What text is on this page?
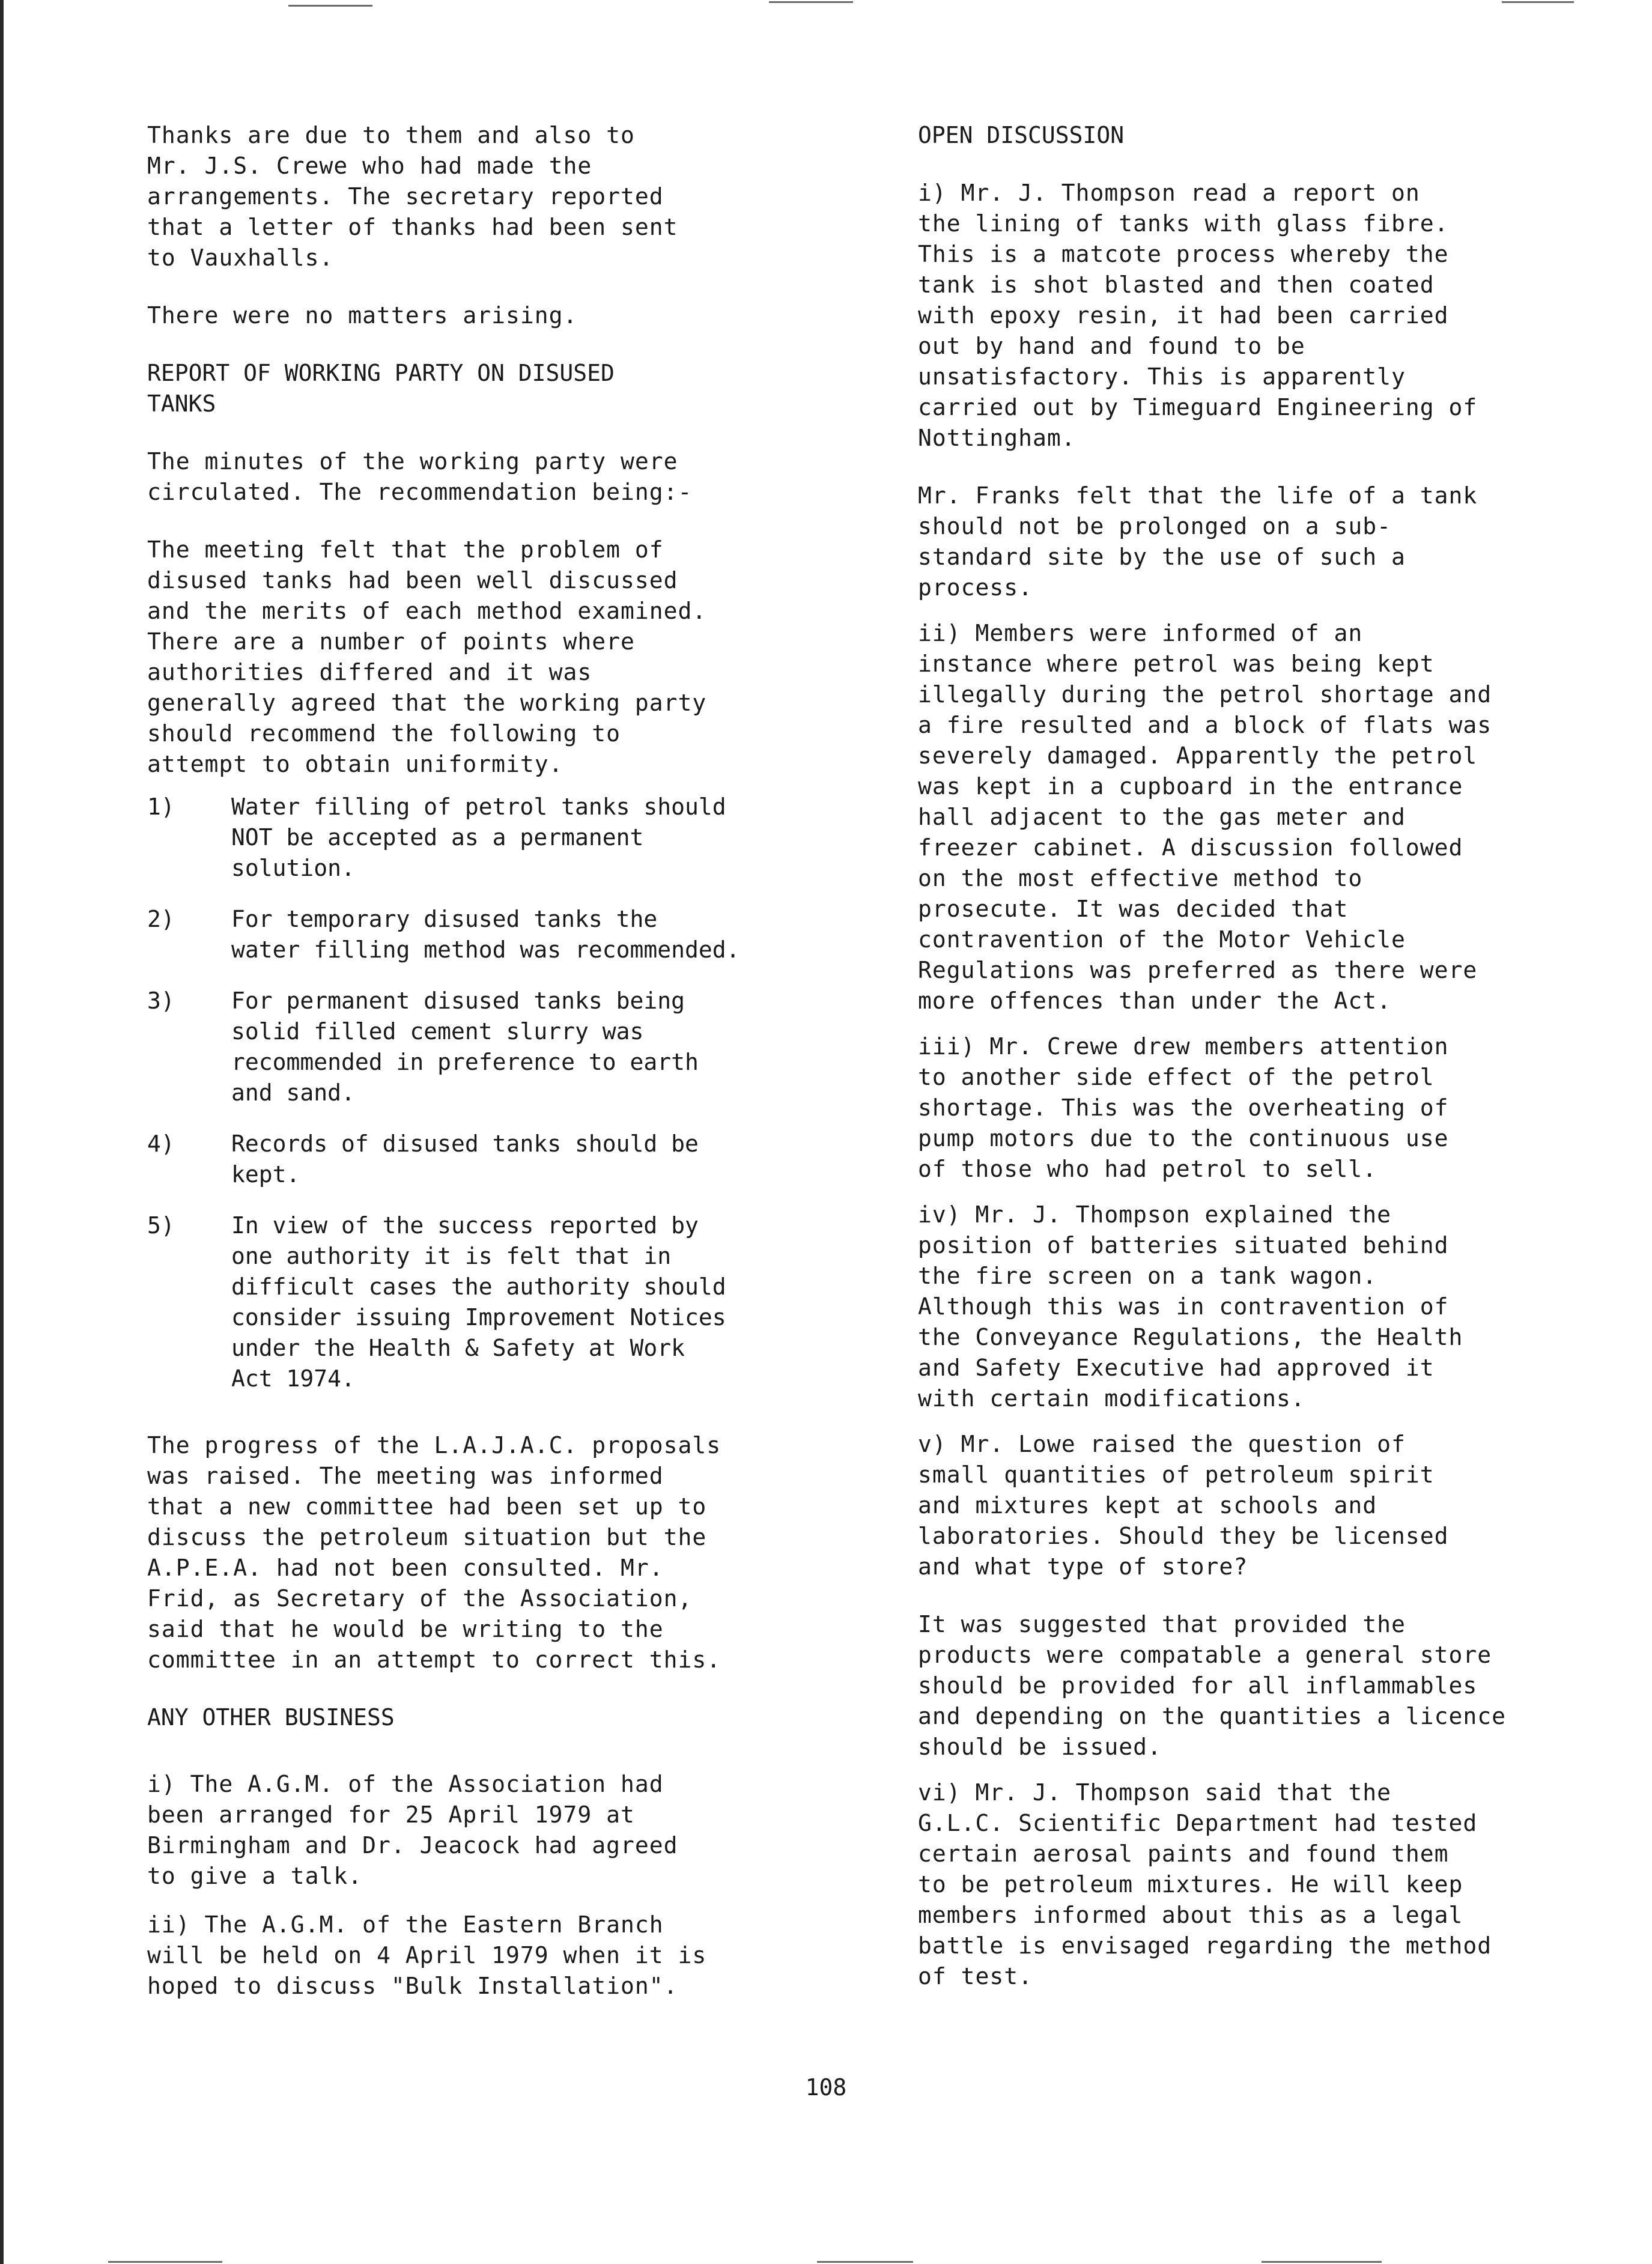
Thanks are due to them and also to
Mr. J.S. Crewe who had made the
arrangements. The secretary reported
that a letter of thanks had been sent
to Vauxhalls.

There were no matters arising.

REPORT OF WORKING PARTY ON DISUSED
TANKS

The minutes of the working party were
circulated. The recommendation being:-

The meeting felt that the problem of
disused tanks had been well discussed
and the merits of each method examined.
There are a number of points where
authorities differed and it was
generally agreed that the working party
should recommend the following to
attempt to obtain uniformity.

1)	Water filling of petrol tanks should
NOT be accepted as a permanent
solution.
2)	For temporary disused tanks the
water filling method was recommended.
3)	For permanent disused tanks being
solid filled cement slurry was
recommended in preference to earth
and sand.
4)	Records of disused tanks should be
kept.
5)	In view of the success reported by
one authority it is felt that in
difficult cases the authority should
consider issuing Improvement Notices
under the Health & Safety at Work
Act 1974.

The progress of the L.A.J.A.C. proposals
was raised. The meeting was informed
that a new committee had been set up to
discuss the petroleum situation but the
A.P.E.A. had not been consulted. Mr.
Frid, as Secretary of the Association,
said that he would be writing to the
committee in an attempt to correct this.

ANY OTHER BUSINESS

i) The A.G.M. of the Association had
been arranged for 25 April 1979 at
Birmingham and Dr. Jeacock had agreed
to give a talk.

ii) The A.G.M. of the Eastern Branch
will be held on 4 April 1979 when it is
hoped to discuss "Bulk Installation".

OPEN DISCUSSION

i) Mr. J. Thompson read a report on
the lining of tanks with glass fibre.
This is a matcote process whereby the
tank is shot blasted and then coated
with epoxy resin, it had been carried
out by hand and found to be
unsatisfactory. This is apparently
carried out by Timeguard Engineering of
Nottingham.

Mr. Franks felt that the life of a tank
should not be prolonged on a sub-
standard site by the use of such a
process.

ii) Members were informed of an
instance where petrol was being kept
illegally during the petrol shortage and
a fire resulted and a block of flats was
severely damaged. Apparently the petrol
was kept in a cupboard in the entrance
hall adjacent to the gas meter and
freezer cabinet. A discussion followed
on the most effective method to
prosecute. It was decided that
contravention of the Motor Vehicle
Regulations was preferred as there were
more offences than under the Act.

iii) Mr. Crewe drew members attention
to another side effect of the petrol
shortage. This was the overheating of
pump motors due to the continuous use
of those who had petrol to sell.

iv) Mr. J. Thompson explained the
position of batteries situated behind
the fire screen on a tank wagon.
Although this was in contravention of
the Conveyance Regulations, the Health
and Safety Executive had approved it
with certain modifications.

v) Mr. Lowe raised the question of
small quantities of petroleum spirit
and mixtures kept at schools and
laboratories. Should they be licensed
and what type of store?

It was suggested that provided the
products were compatable a general store
should be provided for all inflammables
and depending on the quantities a licence
should be issued.

vi) Mr. J. Thompson said that the
G.L.C. Scientific Department had tested
certain aerosal paints and found them
to be petroleum mixtures. He will keep
members informed about this as a legal
battle is envisaged regarding the method
of test.

108
